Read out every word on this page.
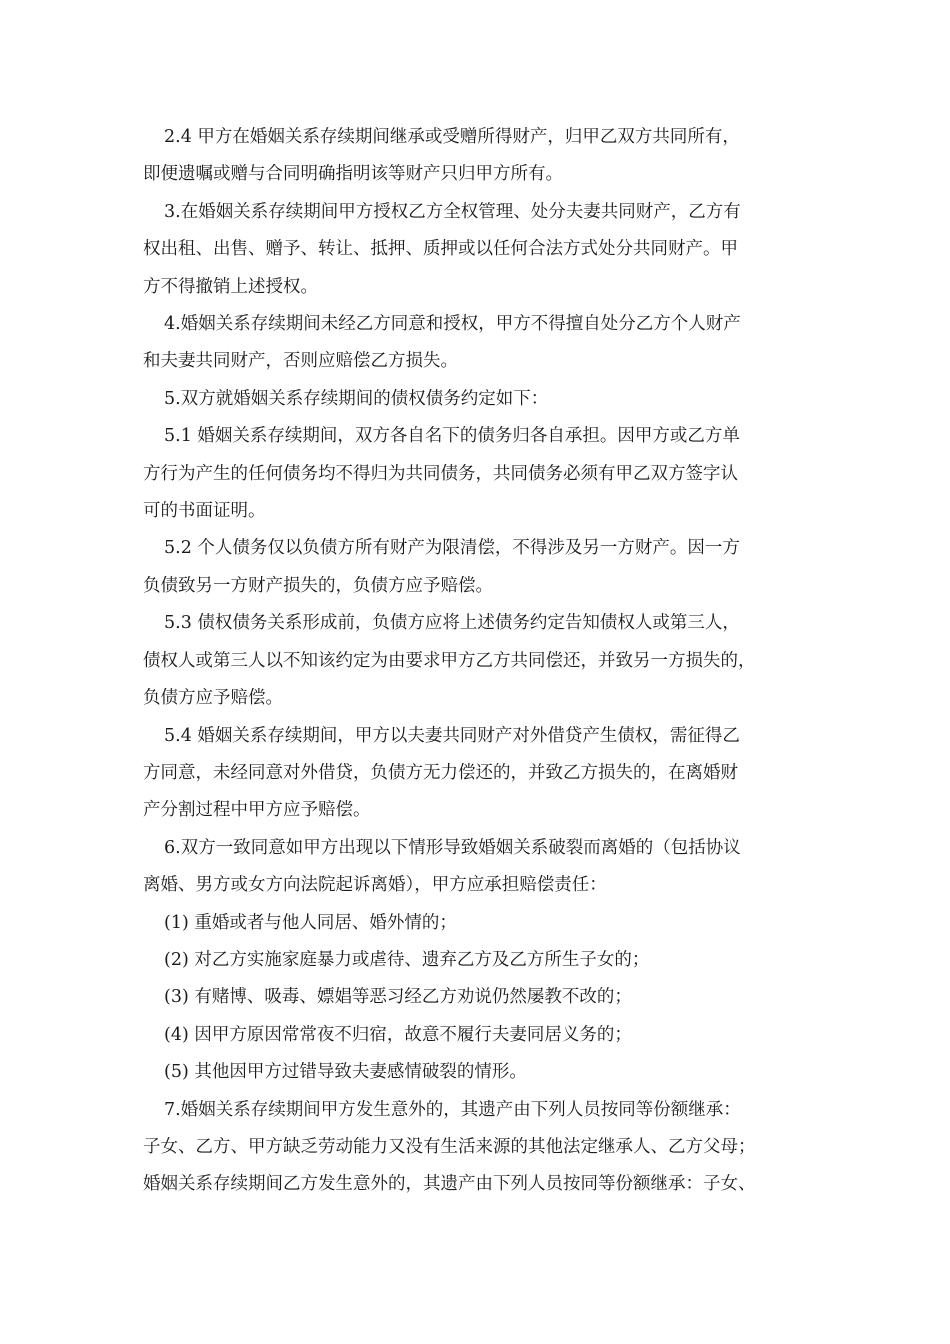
2.4 甲方在婚姻关系存续期间继承或受赠所得财产，归甲乙双方共同所有，
即便遗嘱或赠与合同明确指明该等财产只归甲方所有。

3.在婚姻关系存续期间甲方授权乙方全权管理、处分夫妻共同财产，乙方有
权出租、出售、赠予、转让、抵押、质押或以任何合法方式处分共同财产。甲
方不得撤销上述授权。

4.婚姻关系存续期间未经乙方同意和授权，甲方不得擅自处分乙方个人财产
和夫妻共同财产，否则应赔偿乙方损失。

5.双方就婚姻关系存续期间的债权债务约定如下：

5.1 婚姻关系存续期间，双方各自名下的债务归各自承担。因甲方或乙方单
方行为产生的任何债务均不得归为共同债务，共同债务必须有甲乙双方签字认
可的书面证明。

5.2 个人债务仅以负债方所有财产为限清偿，不得涉及另一方财产。因一方
负债致另一方财产损失的，负债方应予赔偿。

5.3 债权债务关系形成前，负债方应将上述债务约定告知债权人或第三人，
债权人或第三人以不知该约定为由要求甲方乙方共同偿还，并致另一方损失的，
负债方应予赔偿。

5.4 婚姻关系存续期间，甲方以夫妻共同财产对外借贷产生债权，需征得乙
方同意，未经同意对外借贷，负债方无力偿还的，并致乙方损失的，在离婚财
产分割过程中甲方应予赔偿。

6.双方一致同意如甲方出现以下情形导致婚姻关系破裂而离婚的（包括协议
离婚、男方或女方向法院起诉离婚），甲方应承担赔偿责任：

(1) 重婚或者与他人同居、婚外情的；

(2) 对乙方实施家庭暴力或虐待、遗弃乙方及乙方所生子女的；

(3) 有赌博、吸毒、嫖娼等恶习经乙方劝说仍然屡教不改的；

(4) 因甲方原因常常夜不归宿，故意不履行夫妻同居义务的；

(5) 其他因甲方过错导致夫妻感情破裂的情形。

7.婚姻关系存续期间甲方发生意外的，其遗产由下列人员按同等份额继承：
子女、乙方、甲方缺乏劳动能力又没有生活来源的其他法定继承人、乙方父母；
婚姻关系存续期间乙方发生意外的，其遗产由下列人员按同等份额继承：子女、
